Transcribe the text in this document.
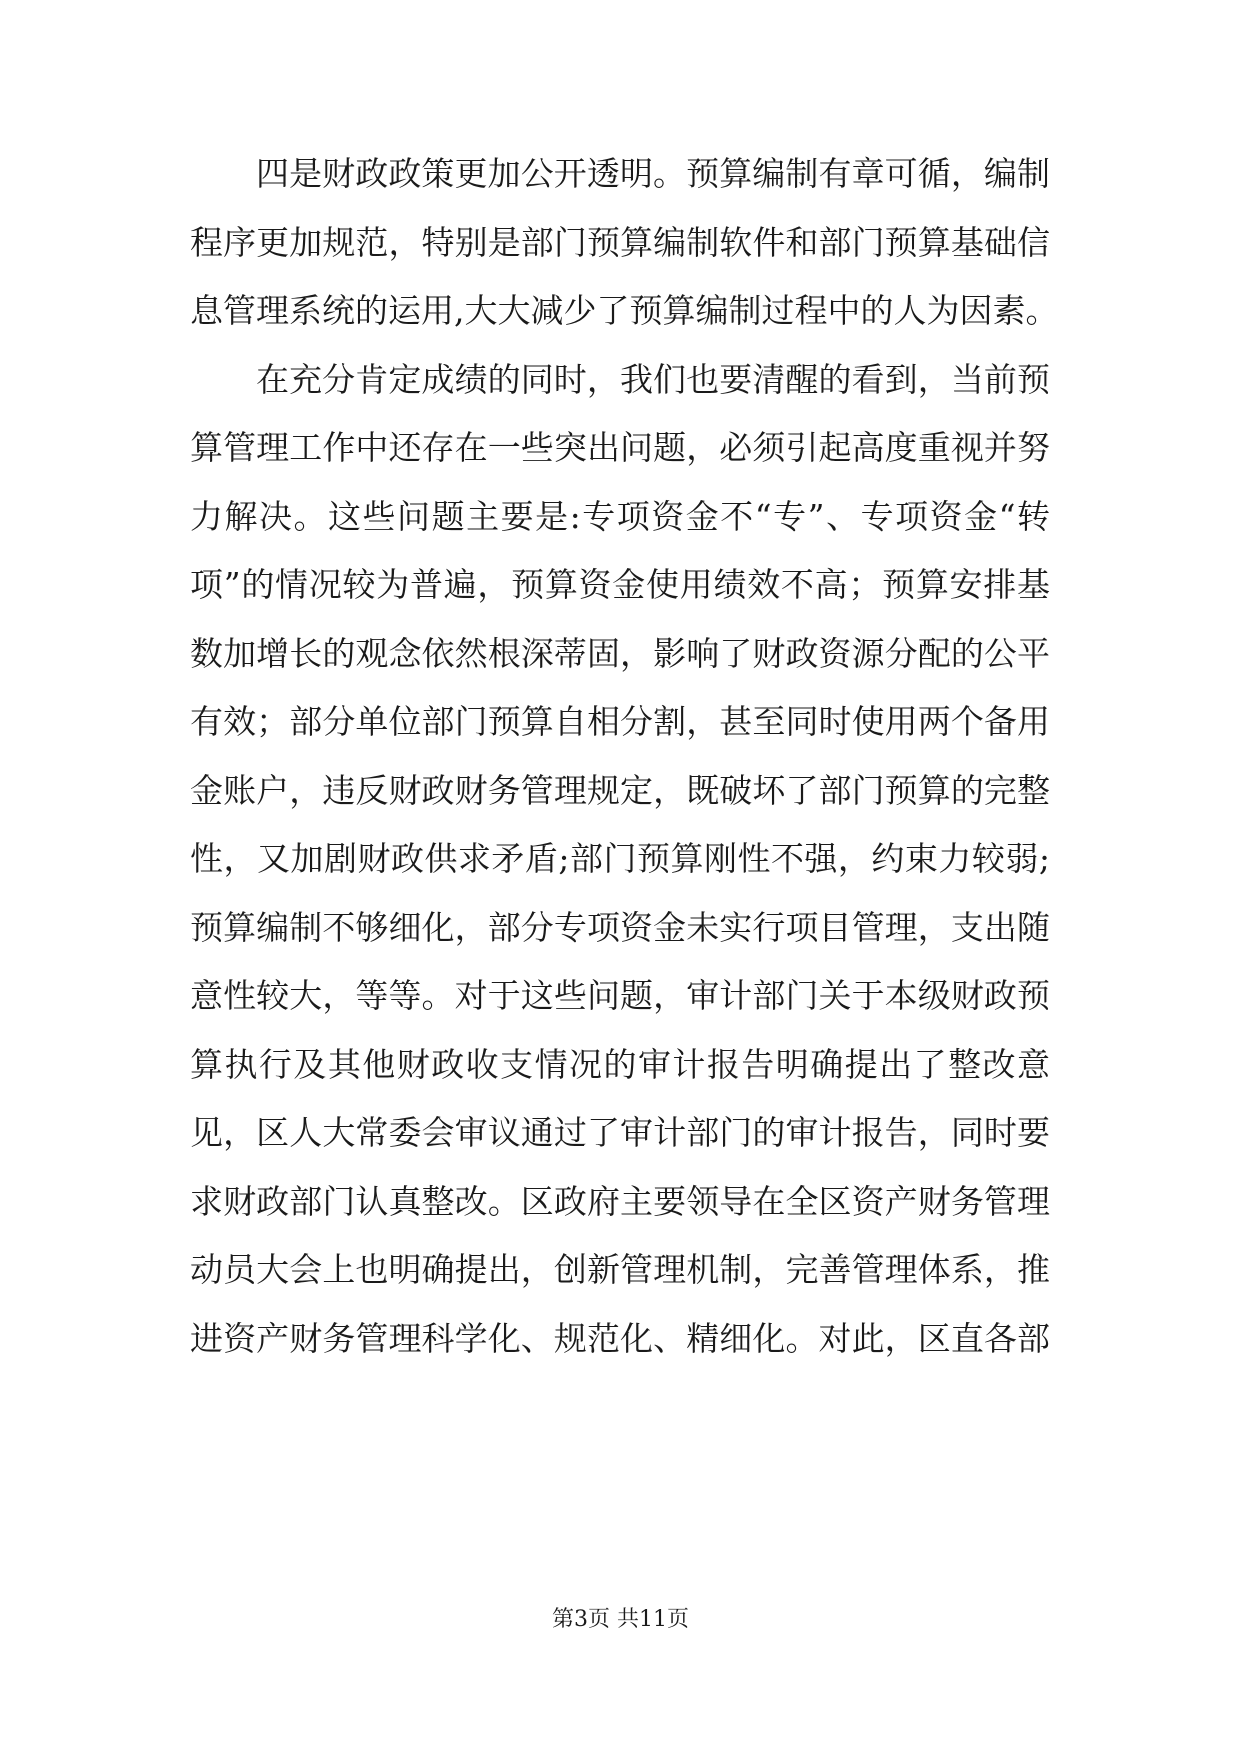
四是财政政策更加公开透明。预算编制有章可循，编制
程序更加规范，特别是部门预算编制软件和部门预算基础信
息管理系统的运用,大大减少了预算编制过程中的人为因素。
在充分肯定成绩的同时，我们也要清醒的看到，当前预
算管理工作中还存在一些突出问题，必须引起高度重视并努
力解决。这些问题主要是:专项资金不“专”、专项资金“转
项”的情况较为普遍，预算资金使用绩效不高；预算安排基
数加增长的观念依然根深蒂固，影响了财政资源分配的公平
有效；部分单位部门预算自相分割，甚至同时使用两个备用
金账户，违反财政财务管理规定，既破坏了部门预算的完整
性，又加剧财政供求矛盾;部门预算刚性不强，约束力较弱;
预算编制不够细化，部分专项资金未实行项目管理，支出随
意性较大，等等。对于这些问题，审计部门关于本级财政预
算执行及其他财政收支情况的审计报告明确提出了整改意
见，区人大常委会审议通过了审计部门的审计报告，同时要
求财政部门认真整改。区政府主要领导在全区资产财务管理
动员大会上也明确提出，创新管理机制，完善管理体系，推
进资产财务管理科学化、规范化、精细化。对此，区直各部
第3页 共11页
